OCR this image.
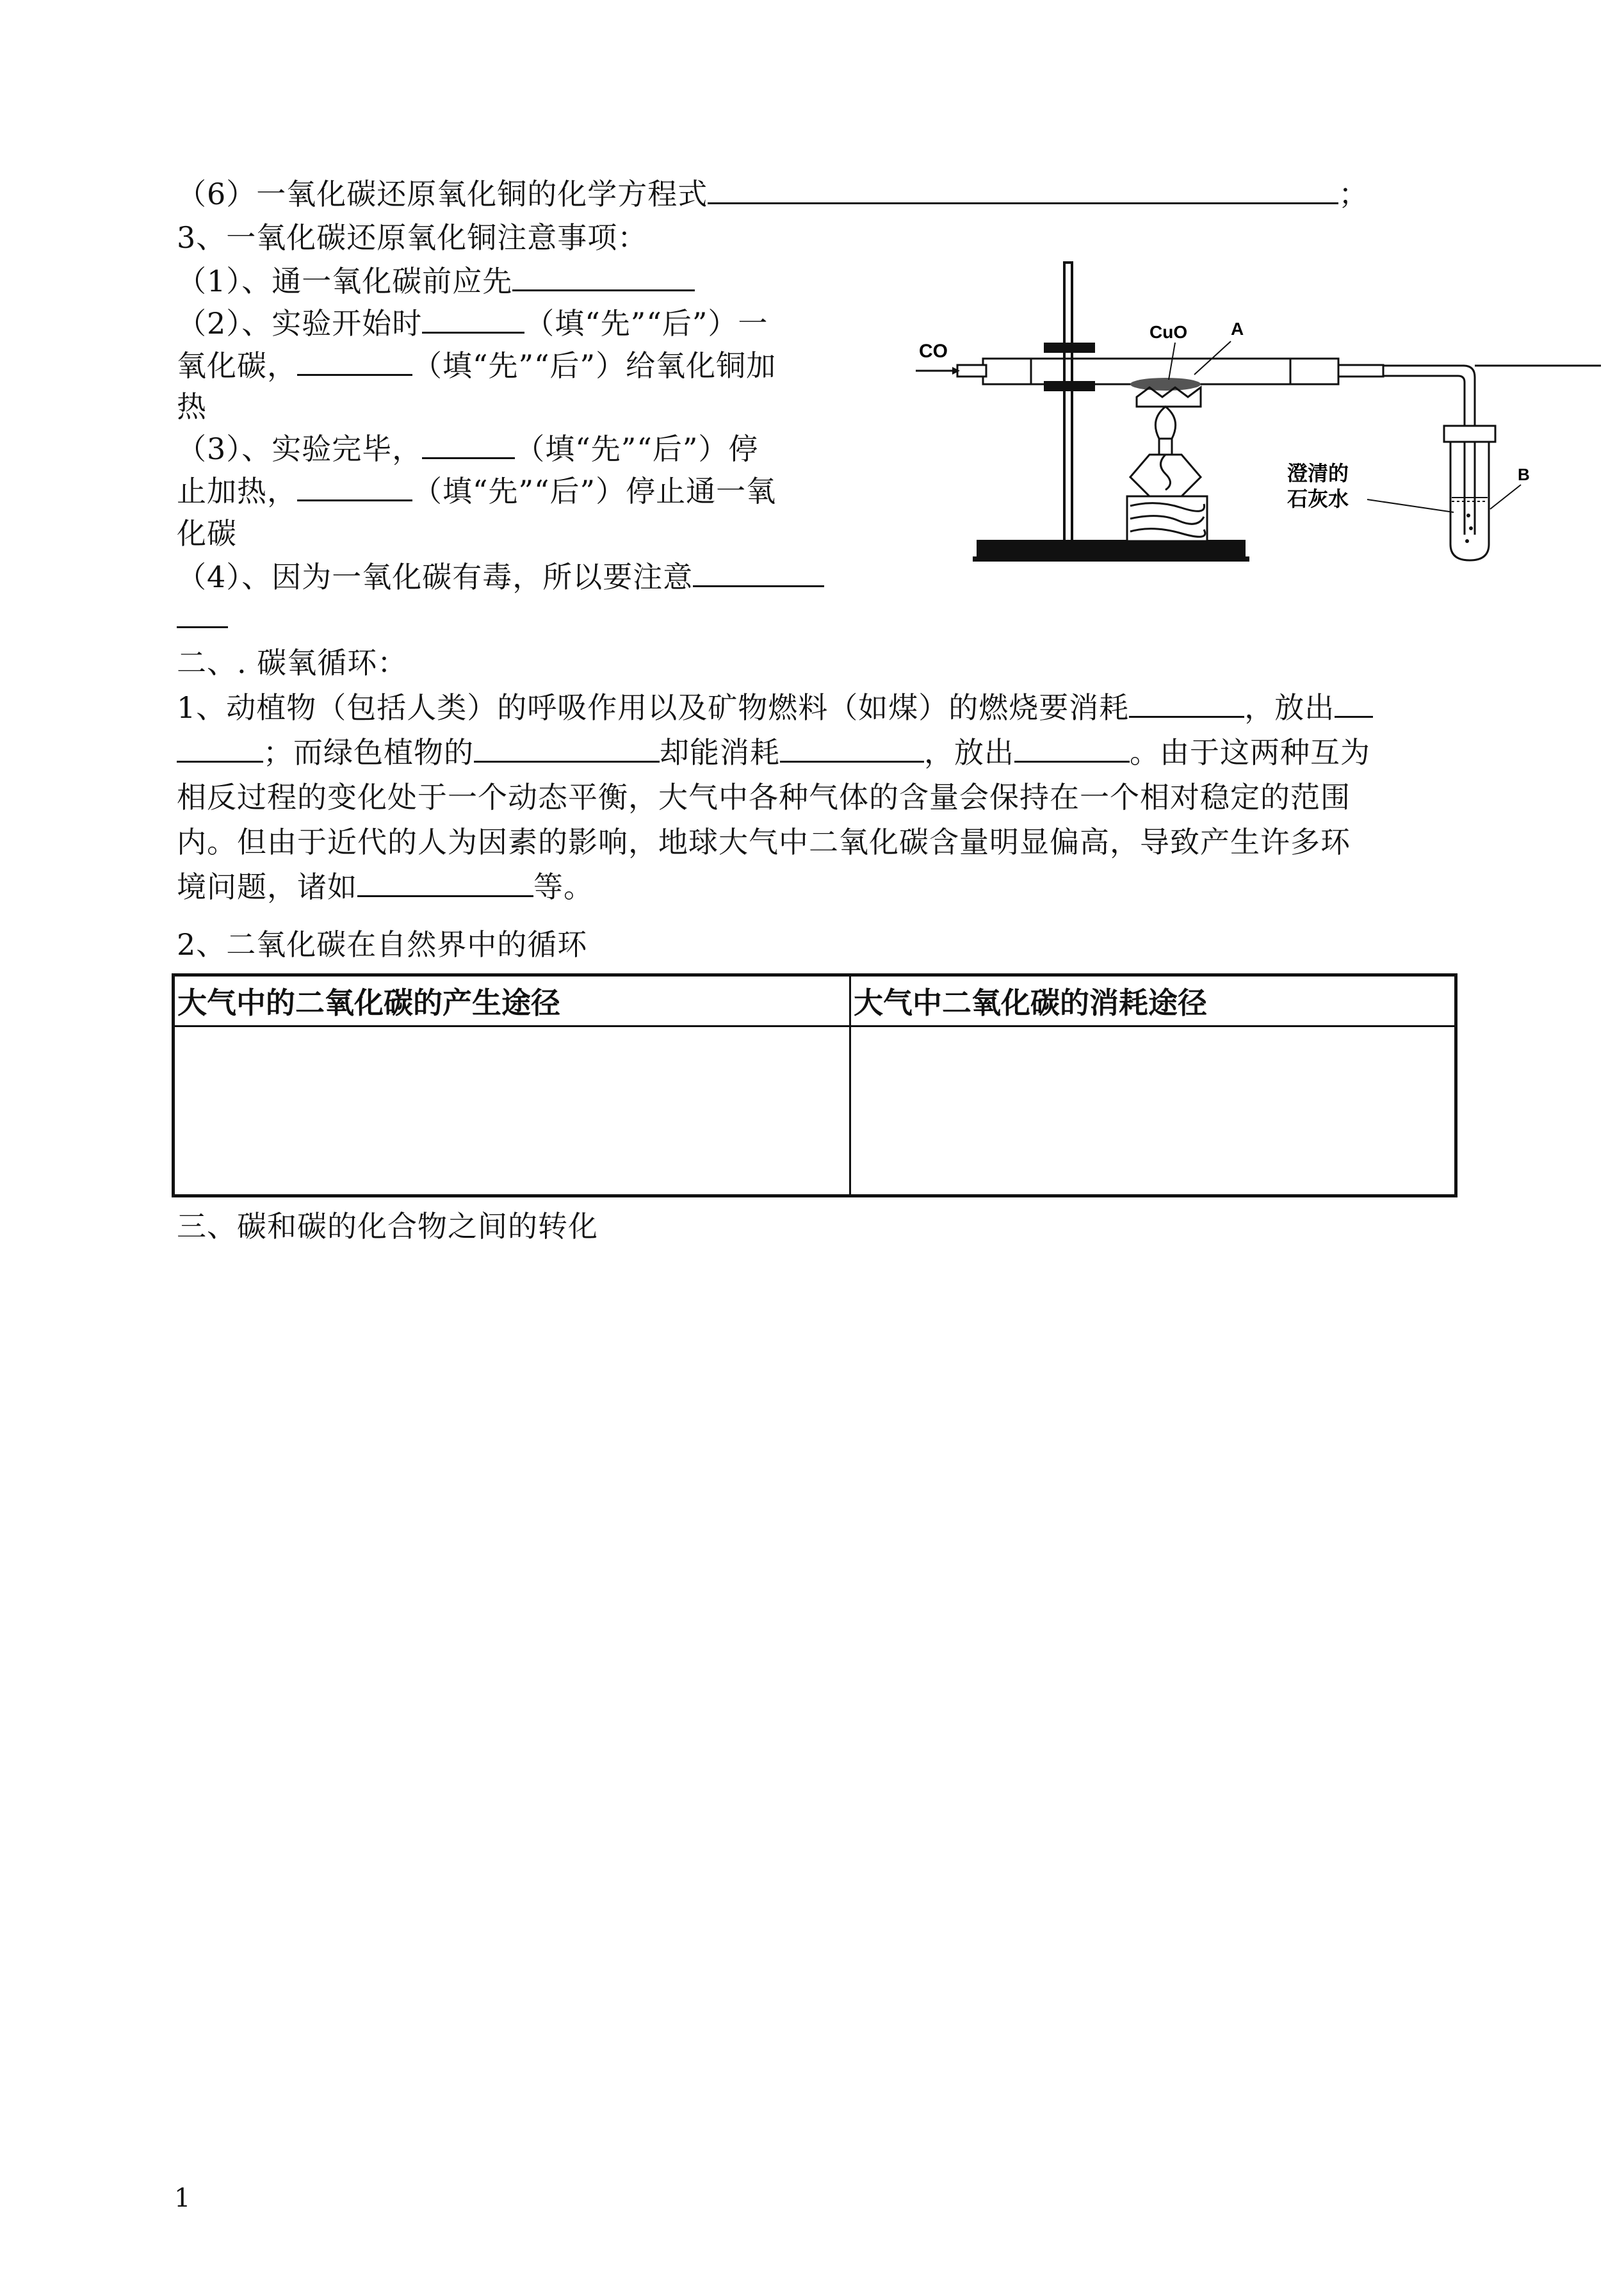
（6）一氧化碳还原氧化铜的化学方程式	；
3、一氧化碳还原氧化铜注意事项：
（1）、通一氧化碳前应先
（2）、实验开始时	（填“先”“后”）一
氧化碳，	（填“先”“后”）给氧化铜加
热
（3）、实验完毕，	（填“先”“后”）停
止加热，	（填“先”“后”）停止通一氧
化碳
（4）、因为一氧化碳有毒，所以要注意
CO
CuO A
B
澄清的
石灰水
二、. 碳氧循环：
1、动植物（包括人类）的呼吸作用以及矿物燃料（如煤）的燃烧要消耗	，放出
；而绿色植物的	却能消耗	，放出	。由于这两种互为
相反过程的变化处于一个动态平衡，大气中各种气体的含量会保持在一个相对稳定的范围
内。但由于近代的人为因素的影响，地球大气中二氧化碳含量明显偏高，导致产生许多环
境问题，诸如	等。
2、二氧化碳在自然界中的循环
大气中的二氧化碳的产生途径	大气中二氧化碳的消耗途径

三、碳和碳的化合物之间的转化
1
